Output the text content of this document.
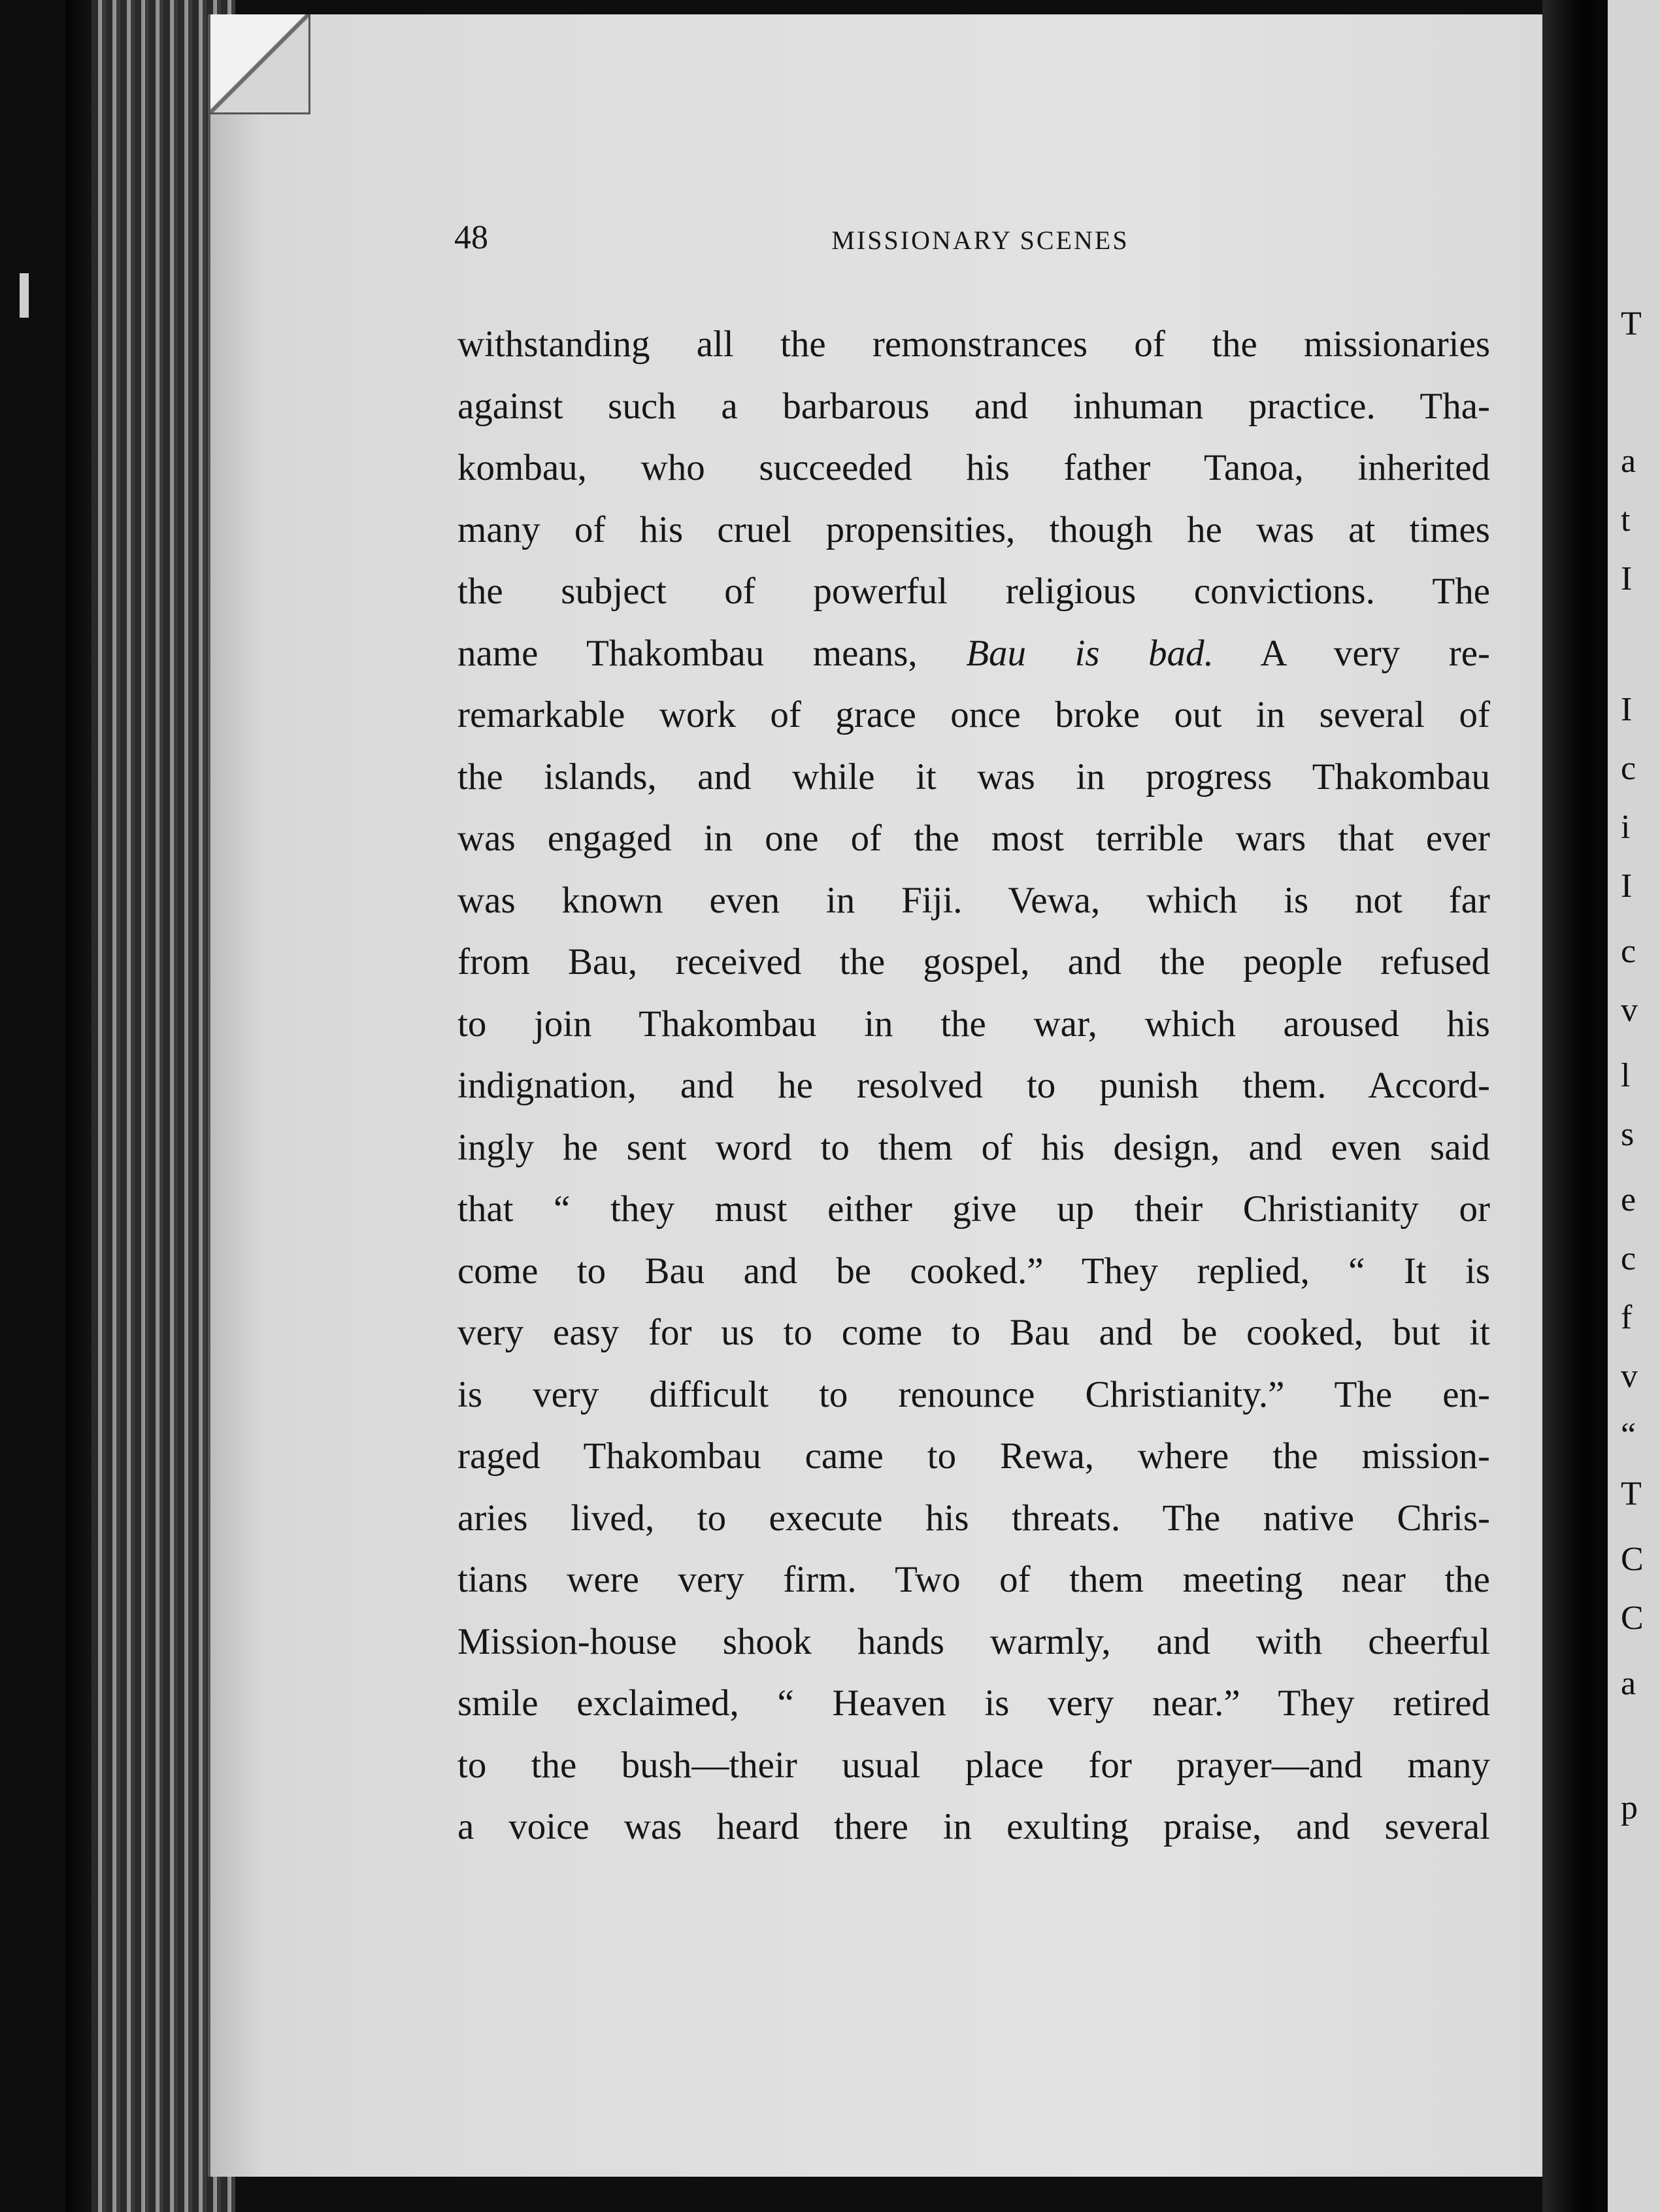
48	MISSIONARY SCENES
withstanding all the remonstrances of the missionaries
against such a barbarous and inhuman practice. Tha-
kombau, who succeeded his father Tanoa, inherited
many of his cruel propensities, though he was at times
the subject of powerful religious convictions. The
name Thakombau means, Bau is bad. A very re-
remarkable work of grace once broke out in several of
the islands, and while it was in progress Thakombau
was engaged in one of the most terrible wars that ever
was known even in Fiji. Vewa, which is not far
from Bau, received the gospel, and the people refused
to join Thakombau in the war, which aroused his
indignation, and he resolved to punish them. Accord-
ingly he sent word to them of his design, and even said
that “ they must either give up their Christianity or
come to Bau and be cooked.” They replied, “ It is
very easy for us to come to Bau and be cooked, but it
is very difficult to renounce Christianity.” The en-
raged Thakombau came to Rewa, where the mission-
aries lived, to execute his threats. The native Chris-
tians were very firm. Two of them meeting near the
Mission-house shook hands warmly, and with cheerful
smile exclaimed, “ Heaven is very near.” They retired
to the bush—their usual place for prayer—and many
a voice was heard there in exulting praise, and several
T
a
t
I
I
c
i
I
c
v
l
s
e
c
f
v
“
T
C
C
a
p
